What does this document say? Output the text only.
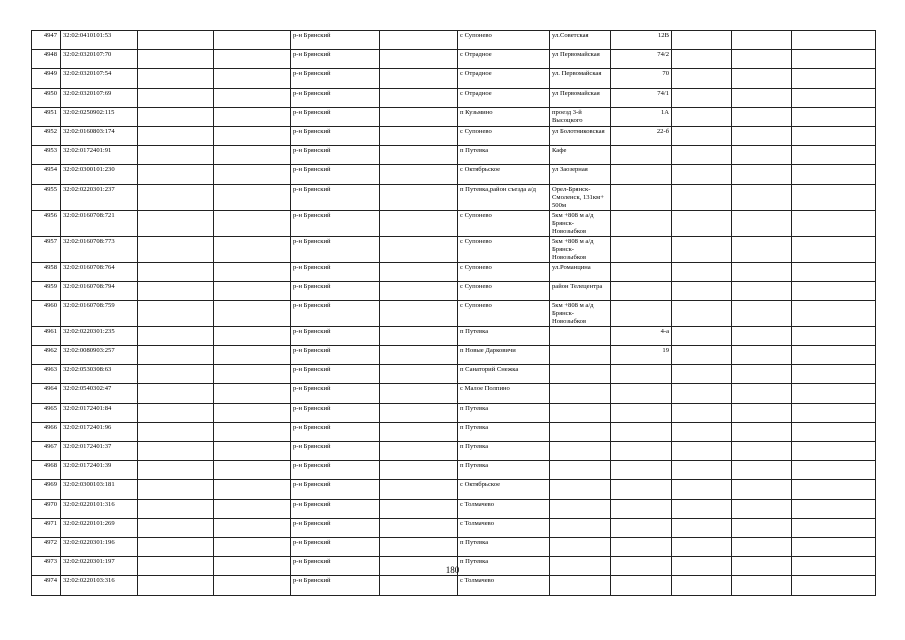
4947	32:02:0410101:53			р-н Брянский		с Супонево	ул.Советская	12В			
4948	32:02:0320107:70			р-н Брянский		с Отрадное	ул Первомайская	74/2			
4949	32:02:0320107:54			р-н Брянский		с Отрадное	ул. Первомайская	70			
4950	32:02:0320107:69			р-н Брянский		с Отрадное	ул Первомайская	74/1			
4951	32:02:0250902:115			р-н Брянский		п Кузьмино	проезд 3-й Высоцкого	1А			
4952	32:02:0160803:174			р-н Брянский		с Супонево	ул Болотниковская	22-б			
4953	32:02:0172401:91			р-н Брянский		п Путевка	Кафе				
4954	32:02:0300101:230			р-н Брянский		с Октябрьское	ул Заозерная				
4955	32:02:0220301:237			р-н Брянский		п Путевка,район съезда а/д	Орел-Брянск-Смоленск, 131км+ 500м				
4956	32:02:0160708:721			р-н Брянский		с Супонево	5км +808 м а/д Брянск-Новозыбков				
4957	32:02:0160708:773			р-н Брянский		с Супонево	5км +808 м а/д Брянск-Новозыбков				
4958	32:02:0160708:764			р-н Брянский		с Супонево	ул.Романцина				
4959	32:02:0160708:794			р-н Брянский		с Супонево	район Телецентра				
4960	32:02:0160708:759			р-н Брянский		с Супонево	5км +808 м а/д Брянск-Новозыбков				
4961	32:02:0220301:235			р-н Брянский		п Путевка		4-а			
4962	32:02:0080903:257			р-н Брянский		п Новые Дарковичи		19			
4963	32:02:0530308:63			р-н Брянский		п Санаторий Снежка					
4964	32:02:0540302:47			р-н Брянский		с Малое Полпино					
4965	32:02:0172401:84			р-н Брянский		п Путевка					
4966	32:02:0172401:96			р-н Брянский		п Путевка					
4967	32:02:0172401:37			р-н Брянский		п Путевка					
4968	32:02:0172401:39			р-н Брянский		п Путевка					
4969	32:02:0300103:181			р-н Брянский		с Октябрьское					
4970	32:02:0220101:316			р-н Брянский		с Толмачево					
4971	32:02:0220101:269			р-н Брянский		с Толмачево					
4972	32:02:0220301:196			р-н Брянский		п Путевка					
4973	32:02:0220301:197			р-н Брянский		п Путевка					
4974	32:02:0220103:316			р-н Брянский		с Толмачево					
180
